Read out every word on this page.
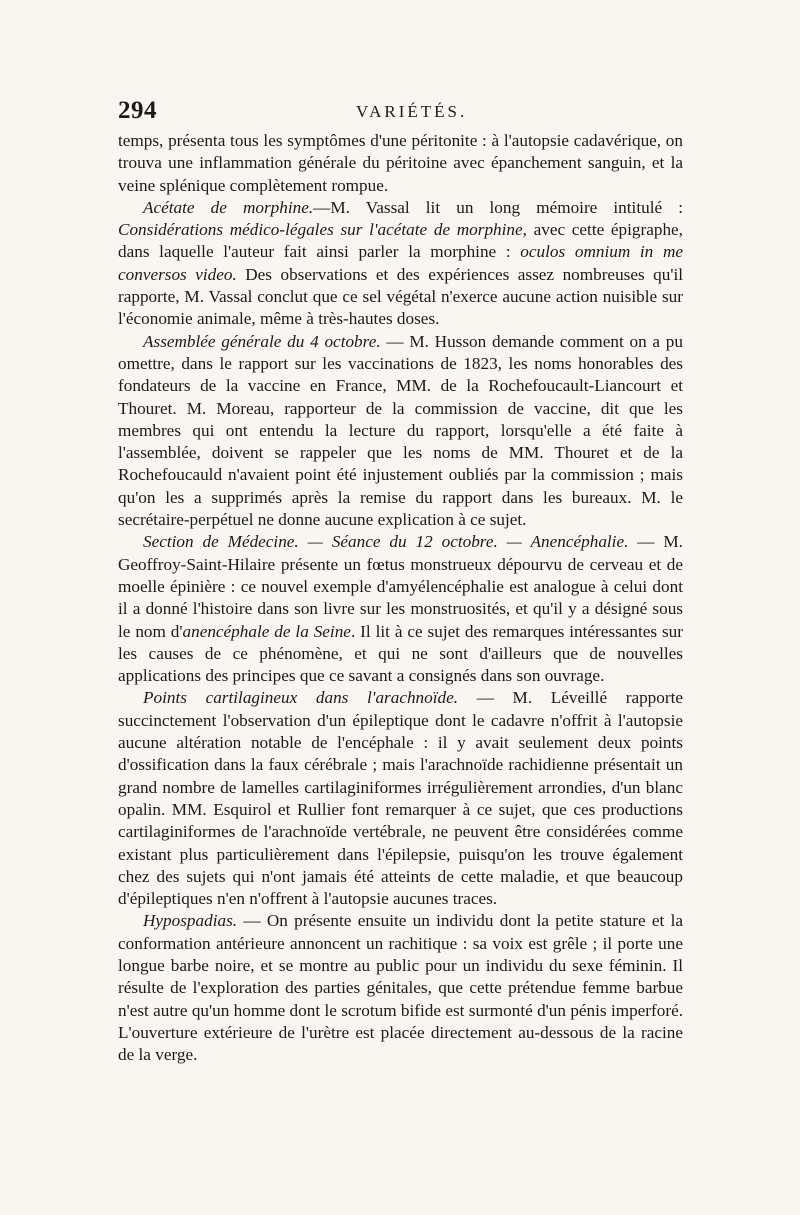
294	VARIÉTÉS.

temps, présenta tous les symptômes d'une péritonite : à l'autopsie cadavérique, on trouva une inflammation générale du péritoine avec épanchement sanguin, et la veine splénique complètement rompue.

Acétate de morphine.—M. Vassal lit un long mémoire intitulé : Considérations médico-légales sur l'acétate de morphine, avec cette épigraphe, dans laquelle l'auteur fait ainsi parler la morphine : oculos omnium in me conversos video. Des observations et des expériences assez nombreuses qu'il rapporte, M. Vassal conclut que ce sel végétal n'exerce aucune action nuisible sur l'économie animale, même à très-hautes doses.

Assemblée générale du 4 octobre. — M. Husson demande comment on a pu omettre, dans le rapport sur les vaccinations de 1823, les noms honorables des fondateurs de la vaccine en France, MM. de la Rochefoucault-Liancourt et Thouret. M. Moreau, rapporteur de la commission de vaccine, dit que les membres qui ont entendu la lecture du rapport, lorsqu'elle a été faite à l'assemblée, doivent se rappeler que les noms de MM. Thouret et de la Rochefoucauld n'avaient point été injustement oubliés par la commission ; mais qu'on les a supprimés après la remise du rapport dans les bureaux. M. le secrétaire-perpétuel ne donne aucune explication à ce sujet.

Section de Médecine. — Séance du 12 octobre. — Anencéphalie. — M. Geoffroy-Saint-Hilaire présente un fœtus monstrueux dépourvu de cerveau et de moelle épinière : ce nouvel exemple d'amyélencéphalie est analogue à celui dont il a donné l'histoire dans son livre sur les monstruosités, et qu'il y a désigné sous le nom d'anencéphale de la Seine. Il lit à ce sujet des remarques intéressantes sur les causes de ce phénomène, et qui ne sont d'ailleurs que de nouvelles applications des principes que ce savant a consignés dans son ouvrage.

Points cartilagineux dans l'arachnoïde. — M. Léveillé rapporte succinctement l'observation d'un épileptique dont le cadavre n'offrit à l'autopsie aucune altération notable de l'encéphale : il y avait seulement deux points d'ossification dans la faux cérébrale ; mais l'arachnoïde rachidienne présentait un grand nombre de lamelles cartilaginiformes irrégulièrement arrondies, d'un blanc opalin. MM. Esquirol et Rullier font remarquer à ce sujet, que ces productions cartilaginiformes de l'arachnoïde vertébrale, ne peuvent être considérées comme existant plus particulièrement dans l'épilepsie, puisqu'on les trouve également chez des sujets qui n'ont jamais été atteints de cette maladie, et que beaucoup d'épileptiques n'en n'offrent à l'autopsie aucunes traces.

Hypospadias. — On présente ensuite un individu dont la petite stature et la conformation antérieure annoncent un rachitique : sa voix est grêle ; il porte une longue barbe noire, et se montre au public pour un individu du sexe féminin. Il résulte de l'exploration des parties génitales, que cette prétendue femme barbue n'est autre qu'un homme dont le scrotum bifide est surmonté d'un pénis imperforé. L'ouverture extérieure de l'urètre est placée directement au-dessous de la racine de la verge.
